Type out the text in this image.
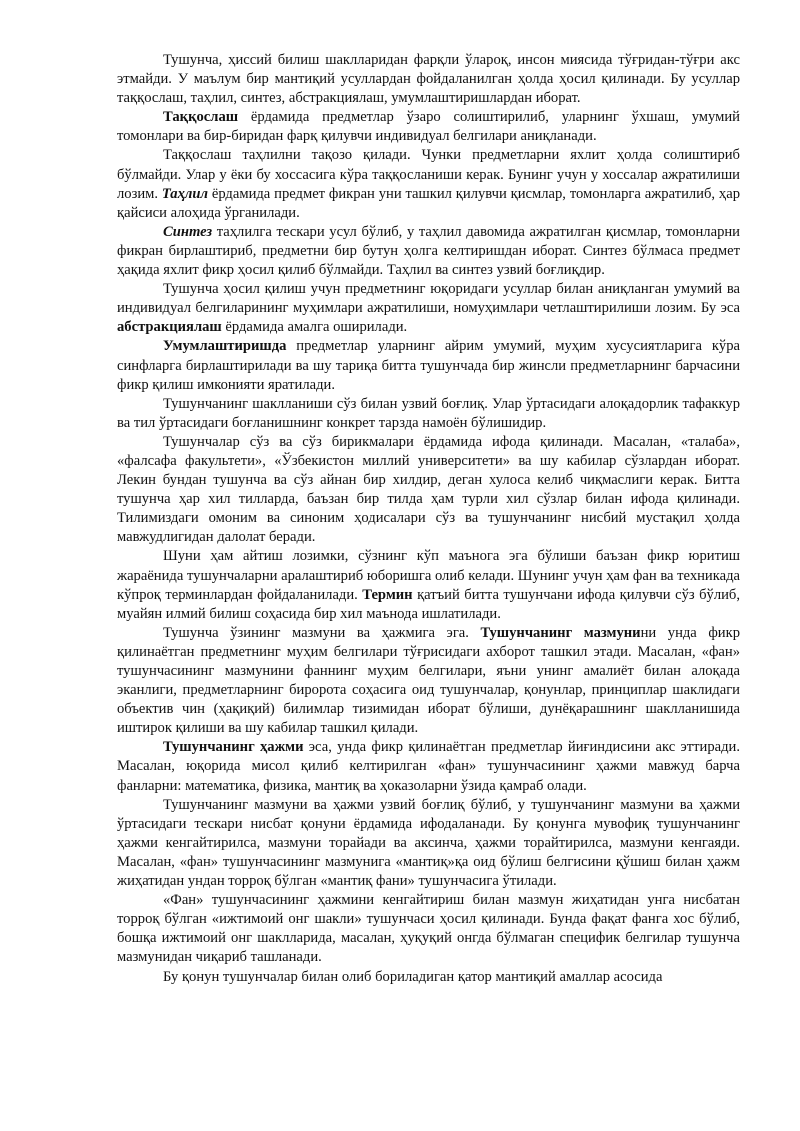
Тушунча, ҳиссий билиш шаклларидан фарқли ўлароқ, инсон миясида тўғридан-тўғри акс этмайди. У маълум бир мантиқий усуллардан фойдаланилган ҳолда ҳосил қилинади. Бу усуллар таққослаш, таҳлил, синтез, абстракциялаш, умумлаштиришлардан иборат.

Таққослаш ёрдамида предметлар ўзаро солиштирилиб, уларнинг ўхшаш, умумий томонлари ва бир-биридан фарқ қилувчи индивидуал белгилари аниқланади.

Таққослаш таҳлилни тақозо қилади. Чунки предметларни яхлит ҳолда солиштириб бўлмайди. Улар у ёки бу хоссасига кўра таққосланиши керак. Бунинг учун у хоссалар ажратилиши лозим. Таҳлил ёрдамида предмет фикран уни ташкил қилувчи қисмлар, томонларга ажратилиб, ҳар қайсиси алоҳида ўрганилади.

Синтез таҳлилга тескари усул бўлиб, у таҳлил давомида ажратилган қисмлар, томонларни фикран бирлаштириб, предметни бир бутун ҳолга келтиришдан иборат. Синтез бўлмаса предмет ҳақида яхлит фикр ҳосил қилиб бўлмайди. Таҳлил ва синтез узвий боғлиқдир.

Тушунча ҳосил қилиш учун предметнинг юқоридаги усуллар билан аниқланган умумий ва индивидуал белгиларининг муҳимлари ажратилиши, номуҳимлари четлаштирилиши лозим. Бу эса абстракциялаш ёрдамида амалга оширилади.

Умумлаштиришда предметлар уларнинг айрим умумий, муҳим хусусиятларига кўра синфларга бирлаштирилади ва шу тариқа битта тушунчада бир жинсли предметларнинг барчасини фикр қилиш имконияти яратилади.

Тушунчанинг шаклланиши сўз билан узвий боғлиқ. Улар ўртасидаги алоқадорлик тафаккур ва тил ўртасидаги боғланишнинг конкрет тарзда намоён бўлишидир.

Тушунчалар сўз ва сўз бирикмалари ёрдамида ифода қилинади. Масалан, «талаба», «фалсафа факультети», «Ўзбекистон миллий университети» ва шу кабилар сўзлардан иборат. Лекин бундан тушунча ва сўз айнан бир хилдир, деган хулоса келиб чиқмаслиги керак. Битта тушунча ҳар хил тилларда, баъзан бир тилда ҳам турли хил сўзлар билан ифода қилинади. Тилимиздаги омоним ва синоним ҳодисалари сўз ва тушунчанинг нисбий мустақил ҳолда мавжудлигидан далолат беради.

Шуни ҳам айтиш лозимки, сўзнинг кўп маънога эга бўлиши баъзан фикр юритиш жараёнида тушунчаларни аралаштириб юборишга олиб келади. Шунинг учун ҳам фан ва техникада кўпроқ терминлардан фойдаланилади. Термин қатъий битта тушунчани ифода қилувчи сўз бўлиб, муайян илмий билиш соҳасида бир хил маънода ишлатилади.

Тушунча ўзининг мазмуни ва ҳажмига эга. Тушунчанинг мазмунини унда фикр қилинаётган предметнинг муҳим белгилари тўғрисидаги ахборот ташкил этади. Масалан, «фан» тушунчасининг мазмунини фаннинг муҳим белгилари, яъни унинг амалиёт билан алоқада эканлиги, предметларнинг биророта соҳасига оид тушунчалар, қонунлар, принциплар шаклидаги объектив чин (ҳақиқий) билимлар тизимидан иборат бўлиши, дунёқарашнинг шаклланишида иштирок қилиши ва шу кабилар ташкил қилади.

Тушунчанинг ҳажми эса, унда фикр қилинаётган предметлар йиғиндисини акс эттиради. Масалан, юқорида мисол қилиб келтирилган «фан» тушунчасининг ҳажми мавжуд барча фанларни: математика, физика, мантиқ ва ҳоказоларни ўзида қамраб олади.

Тушунчанинг мазмуни ва ҳажми узвий боғлиқ бўлиб, у тушунчанинг мазмуни ва ҳажми ўртасидаги тескари нисбат қонуни ёрдамида ифодаланади. Бу қонунга мувофиқ тушунчанинг ҳажми кенгайтирилса, мазмуни торайади ва аксинча, ҳажми торайтирилса, мазмуни кенгаяди. Масалан, «фан» тушунчасининг мазмунига «мантиқ»қа оид бўлиш белгисини қўшиш билан ҳажм жиҳатидан ундан торроқ бўлган «мантиқ фани» тушунчасига ўтилади.

«Фан» тушунчасининг ҳажмини кенгайтириш билан мазмун жиҳатидан унга нисбатан торроқ бўлган «ижтимоий онг шакли» тушунчаси ҳосил қилинади. Бунда фақат фанга хос бўлиб, бошқа ижтимоий онг шаклларида, масалан, ҳуқуқий онгда бўлмаган специфик белгилар тушунча мазмунидан чиқариб ташланади.

Бу қонун тушунчалар билан олиб бориладиган қатор мантиқий амаллар асосида
